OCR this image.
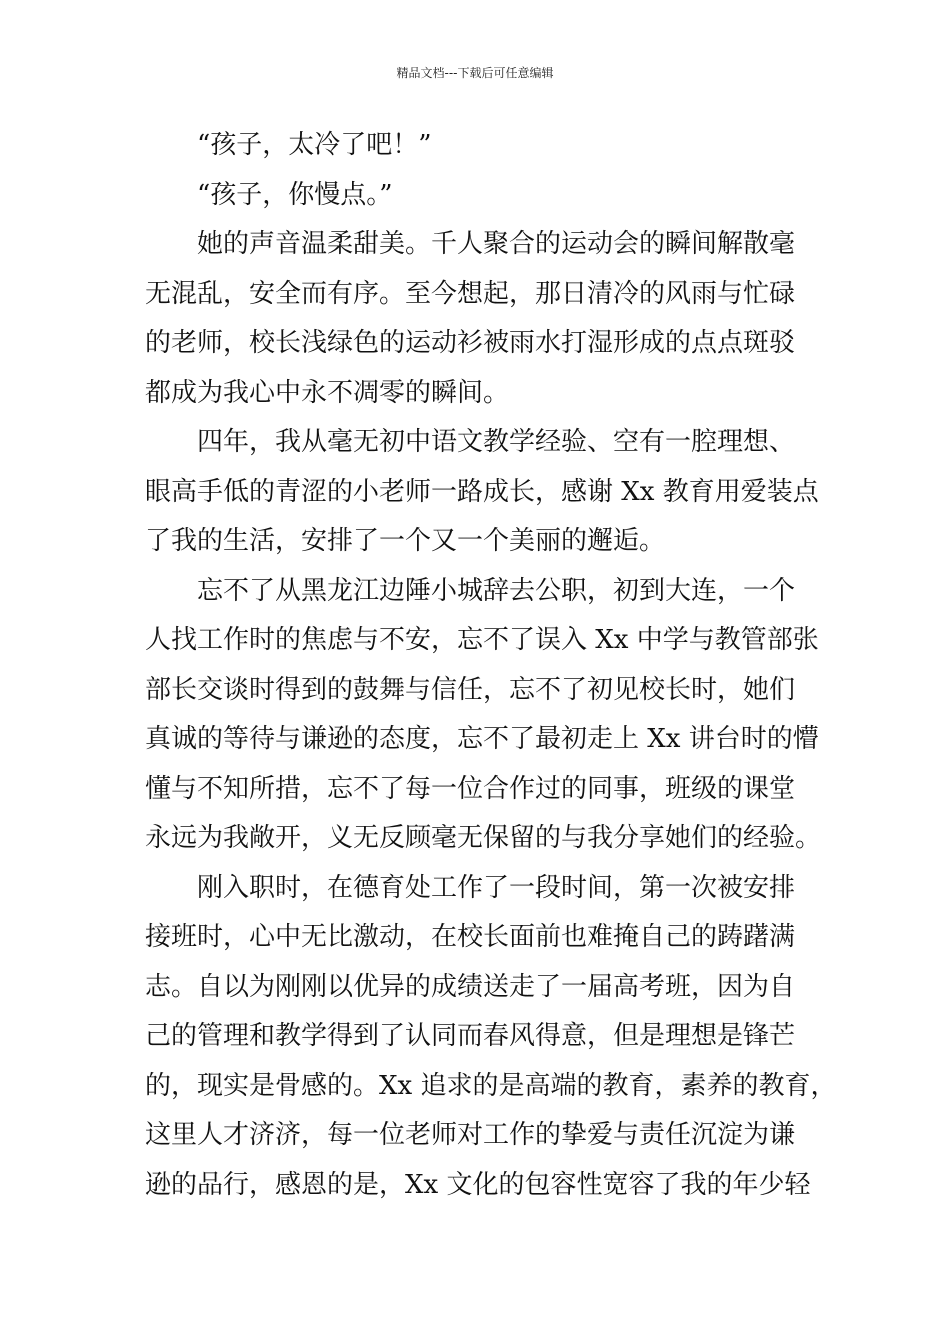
精品文档---下载后可任意编辑
“孩子，太冷了吧！”
“孩子，你慢点。”
她的声音温柔甜美。千人聚合的运动会的瞬间解散毫
无混乱，安全而有序。至今想起，那日清冷的风雨与忙碌
的老师，校长浅绿色的运动衫被雨水打湿形成的点点斑驳
都成为我心中永不凋零的瞬间。
四年，我从毫无初中语文教学经验、空有一腔理想、
眼高手低的青涩的小老师一路成长，感谢 Xx 教育用爱装点
了我的生活，安排了一个又一个美丽的邂逅。
忘不了从黑龙江边陲小城辞去公职，初到大连，一个
人找工作时的焦虑与不安，忘不了误入 Xx 中学与教管部张
部长交谈时得到的鼓舞与信任，忘不了初见校长时，她们
真诚的等待与谦逊的态度，忘不了最初走上 Xx 讲台时的懵
懂与不知所措，忘不了每一位合作过的同事，班级的课堂
永远为我敞开，义无反顾毫无保留的与我分享她们的经验。
刚入职时，在德育处工作了一段时间，第一次被安排
接班时，心中无比激动，在校长面前也难掩自己的踌躇满
志。自以为刚刚以优异的成绩送走了一届高考班，因为自
己的管理和教学得到了认同而春风得意，但是理想是锋芒
的，现实是骨感的。Xx 追求的是高端的教育，素养的教育，
这里人才济济，每一位老师对工作的挚爱与责任沉淀为谦
逊的品行，感恩的是，Xx 文化的包容性宽容了我的年少轻
